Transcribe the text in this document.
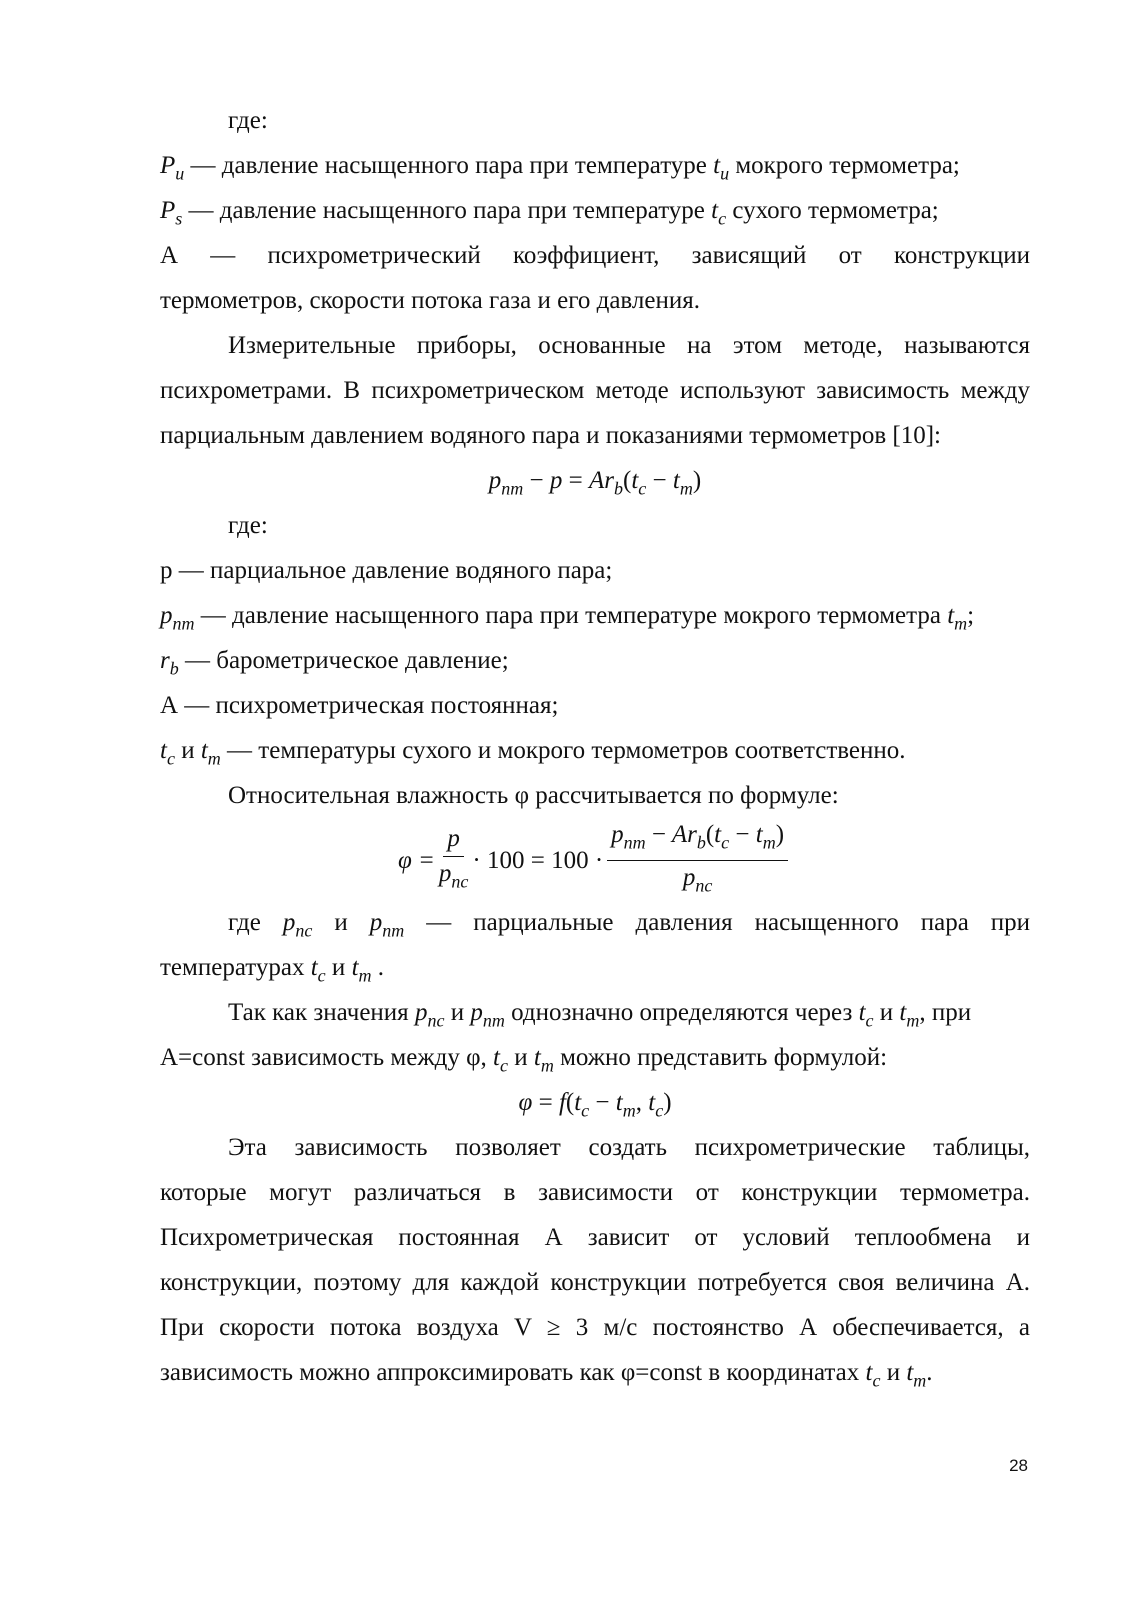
где:
$P_u$ — давление насыщенного пара при температуре $t_u$ мокрого термометра;
$P_s$ — давление насыщенного пара при температуре $t_c$ сухого термометра;
А — психрометрический коэффициент, зависящий от конструкции
термометров, скорости потока газа и его давления.
Измерительные приборы, основанные на этом методе, называются
психрометрами. В психрометрическом методе используют зависимость между
парциальным давлением водяного пара и показаниями термометров [10]:
$p_{nm} - p = Ar_b(t_c - t_m)$
где:
р — парциальное давление водяного пара;
$p_{nm}$ — давление насыщенного пара при температуре мокрого термометра $t_m$;
$r_b$ — барометрическое давление;
А — психрометрическая постоянная;
$t_c$ и $t_m$ — температуры сухого и мокрого термометров соответственно.
Относительная влажность φ рассчитывается по формуле:
$\varphi = \frac{p}{p_{nc}} \cdot 100 = 100 \cdot \frac{p_{nm} - Ar_b(t_c - t_m)}{p_{nc}}$
где $p_{nc}$ и $p_{nm}$ — парциальные давления насыщенного пара при
температурах $t_c$ и $t_m$ .
Так как значения $p_{nc}$ и $p_{nm}$ однозначно определяются через $t_c$ и $t_m$, при
А=const зависимость между φ, $t_c$ и $t_m$ можно представить формулой:
$\varphi = f(t_c - t_m$, $t_c$)
Эта зависимость позволяет создать психрометрические таблицы,
которые могут различаться в зависимости от конструкции термометра.
Психрометрическая постоянная А зависит от условий теплообмена и
конструкции, поэтому для каждой конструкции потребуется своя величина А.
При скорости потока воздуха V ≥ 3 м/с постоянство А обеспечивается, а
зависимость можно аппроксимировать как φ=const в координатах $t_c$ и $t_m$.
28
